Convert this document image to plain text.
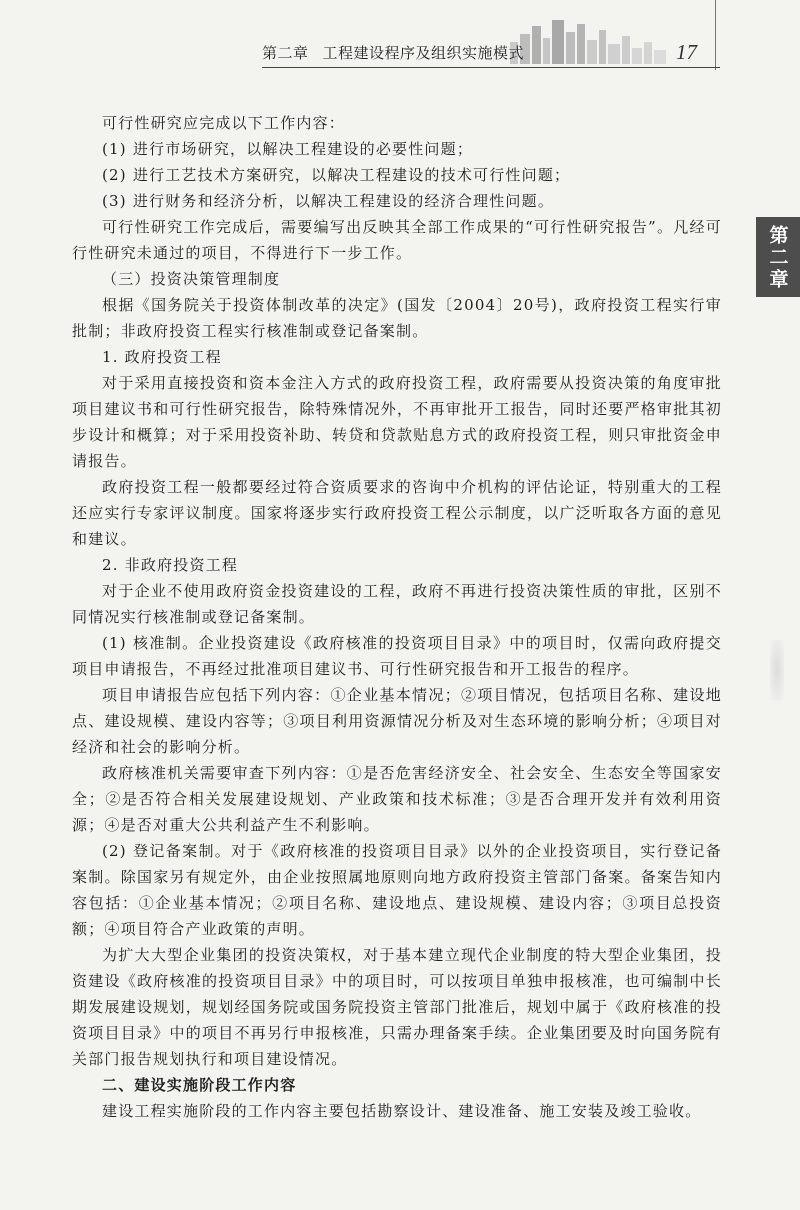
第二章 工程建设程序及组织实施模式	17
第二章

可行性研究应完成以下工作内容：

(1) 进行市场研究，以解决工程建设的必要性问题；

(2) 进行工艺技术方案研究，以解决工程建设的技术可行性问题；

(3) 进行财务和经济分析，以解决工程建设的经济合理性问题。

可行性研究工作完成后，需要编写出反映其全部工作成果的“可行性研究报告”。凡经可行性研究未通过的项目，不得进行下一步工作。

（三）投资决策管理制度

根据《国务院关于投资体制改革的决定》(国发〔2004〕20号)，政府投资工程实行审批制；非政府投资工程实行核准制或登记备案制。

1. 政府投资工程

对于采用直接投资和资本金注入方式的政府投资工程，政府需要从投资决策的角度审批项目建议书和可行性研究报告，除特殊情况外，不再审批开工报告，同时还要严格审批其初步设计和概算；对于采用投资补助、转贷和贷款贴息方式的政府投资工程，则只审批资金申请报告。

政府投资工程一般都要经过符合资质要求的咨询中介机构的评估论证，特别重大的工程还应实行专家评议制度。国家将逐步实行政府投资工程公示制度，以广泛听取各方面的意见和建议。

2. 非政府投资工程

对于企业不使用政府资金投资建设的工程，政府不再进行投资决策性质的审批，区别不同情况实行核准制或登记备案制。

(1) 核准制。企业投资建设《政府核准的投资项目目录》中的项目时，仅需向政府提交项目申请报告，不再经过批准项目建议书、可行性研究报告和开工报告的程序。

项目申请报告应包括下列内容：①企业基本情况；②项目情况，包括项目名称、建设地点、建设规模、建设内容等；③项目利用资源情况分析及对生态环境的影响分析；④项目对经济和社会的影响分析。

政府核准机关需要审查下列内容：①是否危害经济安全、社会安全、生态安全等国家安全；②是否符合相关发展建设规划、产业政策和技术标准；③是否合理开发并有效利用资源；④是否对重大公共利益产生不利影响。

(2) 登记备案制。对于《政府核准的投资项目目录》以外的企业投资项目，实行登记备案制。除国家另有规定外，由企业按照属地原则向地方政府投资主管部门备案。备案告知内容包括：①企业基本情况；②项目名称、建设地点、建设规模、建设内容；③项目总投资额；④项目符合产业政策的声明。

为扩大大型企业集团的投资决策权，对于基本建立现代企业制度的特大型企业集团，投资建设《政府核准的投资项目目录》中的项目时，可以按项目单独申报核准，也可编制中长期发展建设规划，规划经国务院或国务院投资主管部门批准后，规划中属于《政府核准的投资项目目录》中的项目不再另行申报核准，只需办理备案手续。企业集团要及时向国务院有关部门报告规划执行和项目建设情况。

二、建设实施阶段工作内容

建设工程实施阶段的工作内容主要包括勘察设计、建设准备、施工安装及竣工验收。
